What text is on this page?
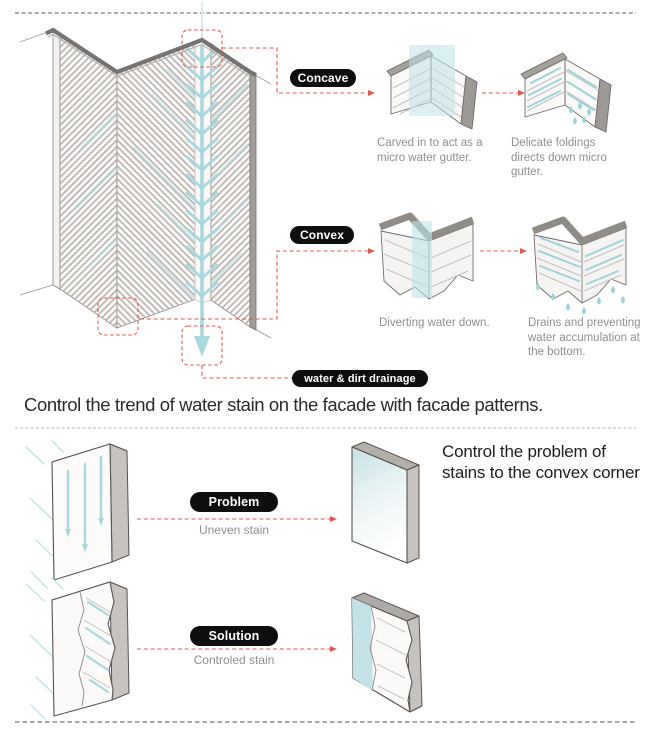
Concave
Convex
water & dirt drainage
Problem
Solution
Carved in to act as a micro water gutter.
Delicate foldings directs down micro gutter.
Diverting water down.	Drains and preventing water accumulation at the bottom.
Uneven stain
Controled stain
Control the trend of water stain on the facade with facade patterns.
Control the problem of stains to the convex corner
